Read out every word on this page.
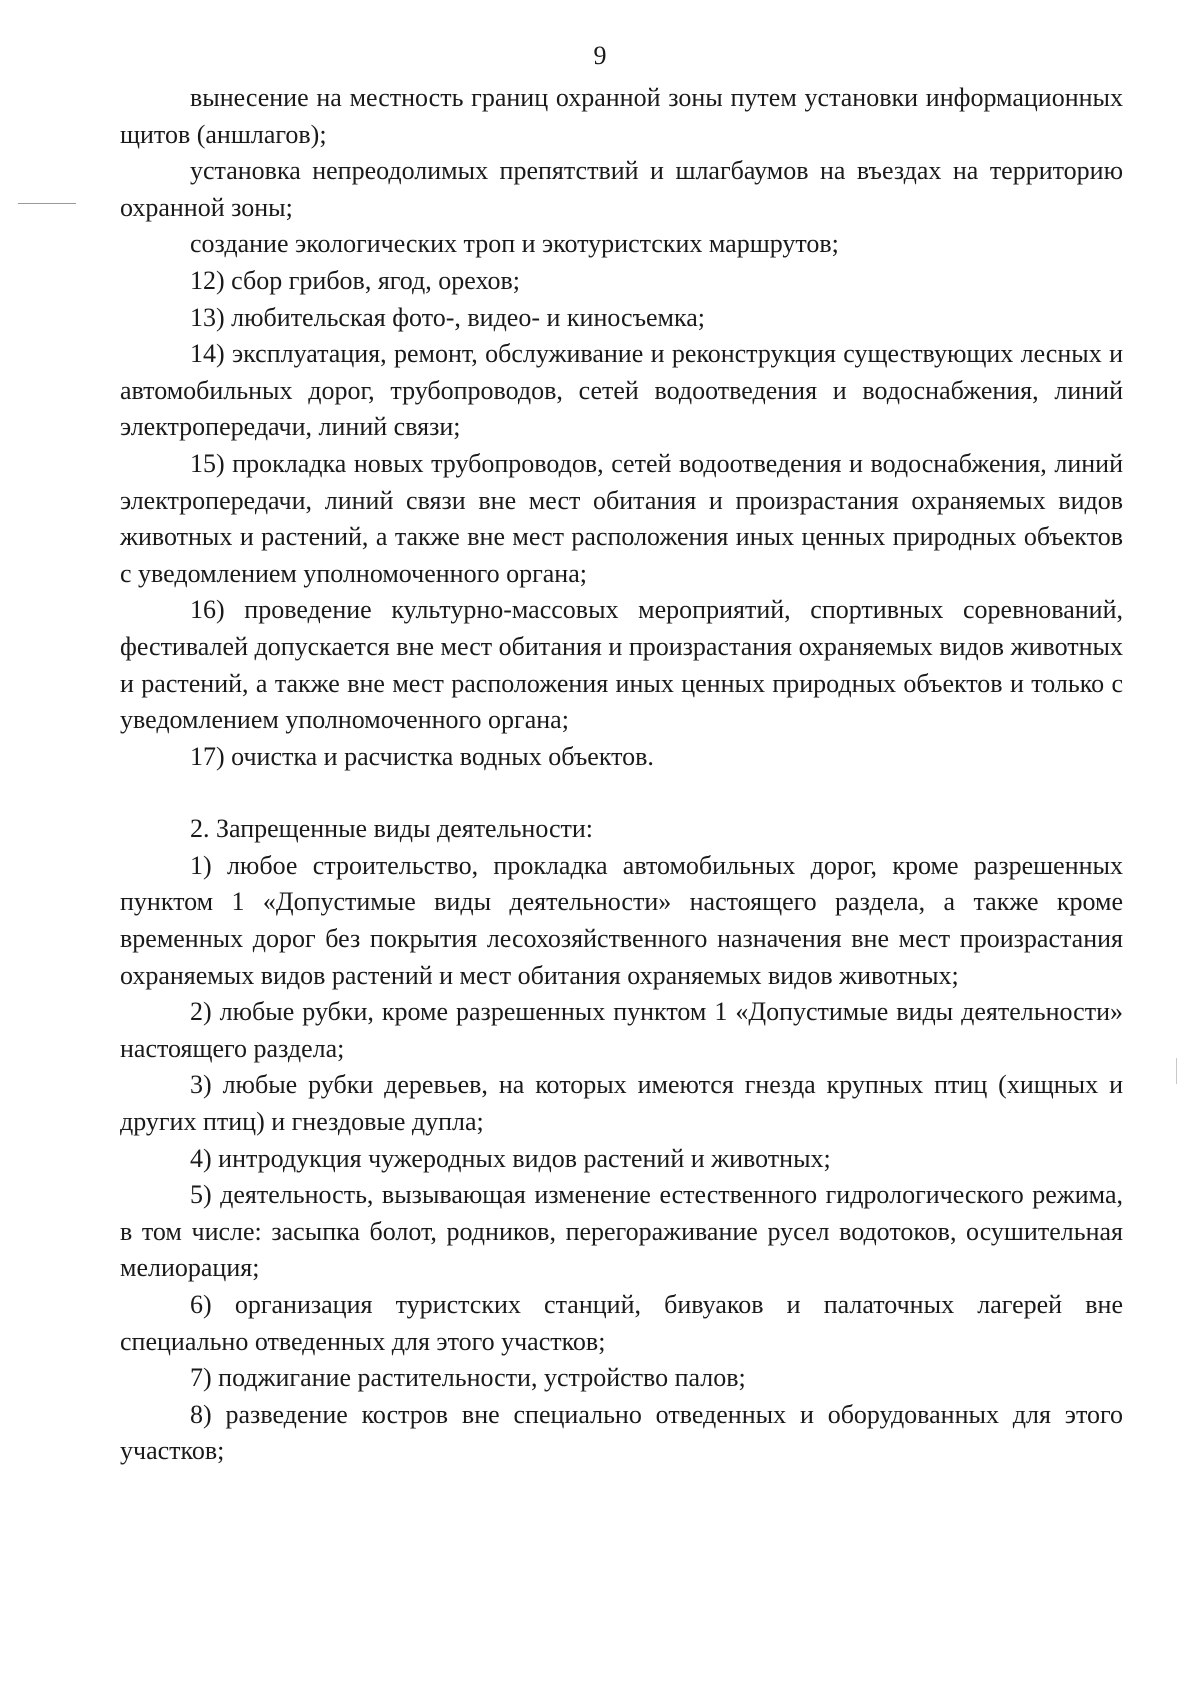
9

вынесение на местность границ охранной зоны путем установки информационных щитов (аншлагов);

установка непреодолимых препятствий и шлагбаумов на въездах на территорию охранной зоны;

создание экологических троп и экотуристских маршрутов;

12) сбор грибов, ягод, орехов;

13) любительская фото-, видео- и киносъемка;

14) эксплуатация, ремонт, обслуживание и реконструкция существующих лесных и автомобильных дорог, трубопроводов, сетей водоотведения и водоснабжения, линий электропередачи, линий связи;

15) прокладка новых трубопроводов, сетей водоотведения и водоснабжения, линий электропередачи, линий связи вне мест обитания и произрастания охраняемых видов животных и растений, а также вне мест расположения иных ценных природных объектов с уведомлением уполномоченного органа;

16) проведение культурно-массовых мероприятий, спортивных соревнований, фестивалей допускается вне мест обитания и произрастания охраняемых видов животных и растений, а также вне мест расположения иных ценных природных объектов и только с уведомлением уполномоченного органа;

17) очистка и расчистка водных объектов.

2. Запрещенные виды деятельности:

1) любое строительство, прокладка автомобильных дорог, кроме разрешенных пунктом 1 «Допустимые виды деятельности» настоящего раздела, а также кроме временных дорог без покрытия лесохозяйственного назначения вне мест произрастания охраняемых видов растений и мест обитания охраняемых видов животных;

2) любые рубки, кроме разрешенных пунктом 1 «Допустимые виды деятельности» настоящего раздела;

3) любые рубки деревьев, на которых имеются гнезда крупных птиц (хищных и других птиц) и гнездовые дупла;

4) интродукция чужеродных видов растений и животных;

5) деятельность, вызывающая изменение естественного гидрологического режима, в том числе: засыпка болот, родников, перегораживание русел водотоков, осушительная мелиорация;

6) организация туристских станций, бивуаков и палаточных лагерей вне специально отведенных для этого участков;

7) поджигание растительности, устройство палов;

8) разведение костров вне специально отведенных и оборудованных для этого участков;
